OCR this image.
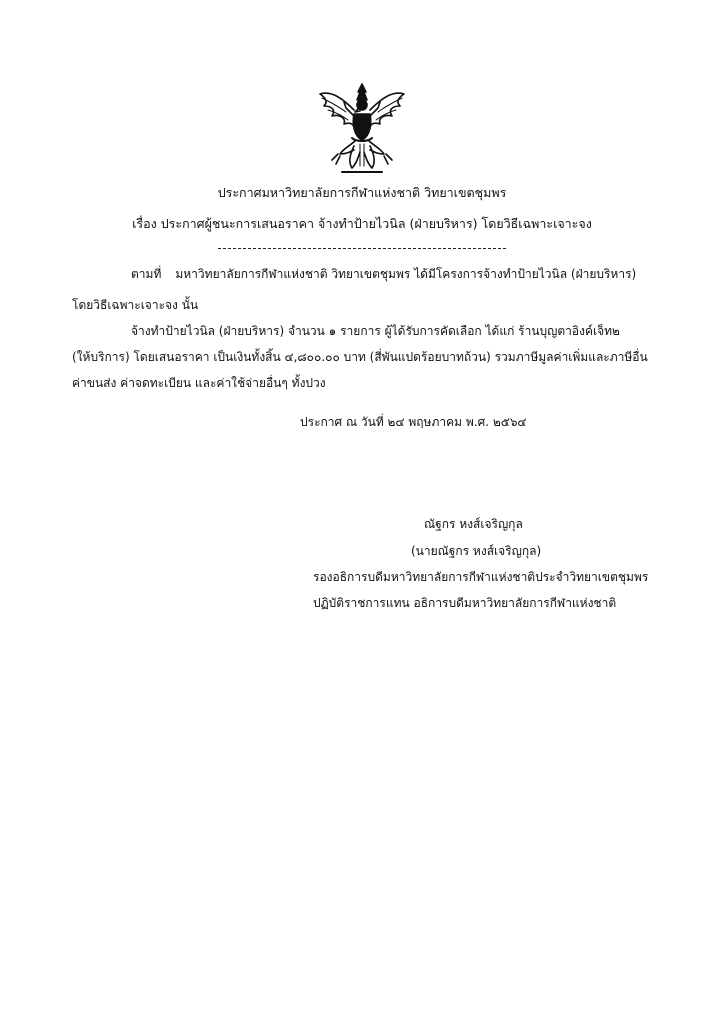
ประกาศมหาวิทยาลัยการกีฬาแห่งชาติ วิทยาเขตชุมพร
เรื่อง ประกาศผู้ชนะการเสนอราคา จ้างทำป้ายไวนิล (ฝ่ายบริหาร) โดยวิธีเฉพาะเจาะจง
ตามที่ มหาวิทยาลัยการกีฬาแห่งชาติ วิทยาเขตชุมพร ได้มีโครงการจ้างทำป้ายไวนิล (ฝ่ายบริหาร)
โดยวิธีเฉพาะเจาะจง นั้น
จ้างทำป้ายไวนิล (ฝ่ายบริหาร) จำนวน ๑ รายการ ผู้ได้รับการคัดเลือก ได้แก่ ร้านบุญตาอิงค์เจ็ท๒
(ให้บริการ) โดยเสนอราคา เป็นเงินทั้งสิ้น ๔,๘๐๐.๐๐ บาท (สี่พันแปดร้อยบาทถ้วน) รวมภาษีมูลค่าเพิ่มและภาษีอื่น
ค่าขนส่ง ค่าจดทะเบียน และค่าใช้จ่ายอื่นๆ ทั้งปวง
ประกาศ ณ วันที่ ๒๔ พฤษภาคม พ.ศ. ๒๕๖๔
ณัฐกร หงส์เจริญกุล
(นายณัฐกร หงส์เจริญกุล)
รองอธิการบดีมหาวิทยาลัยการกีฬาแห่งชาติประจำวิทยาเขตชุมพร
ปฏิบัติราชการแทน อธิการบดีมหาวิทยาลัยการกีฬาแห่งชาติ
